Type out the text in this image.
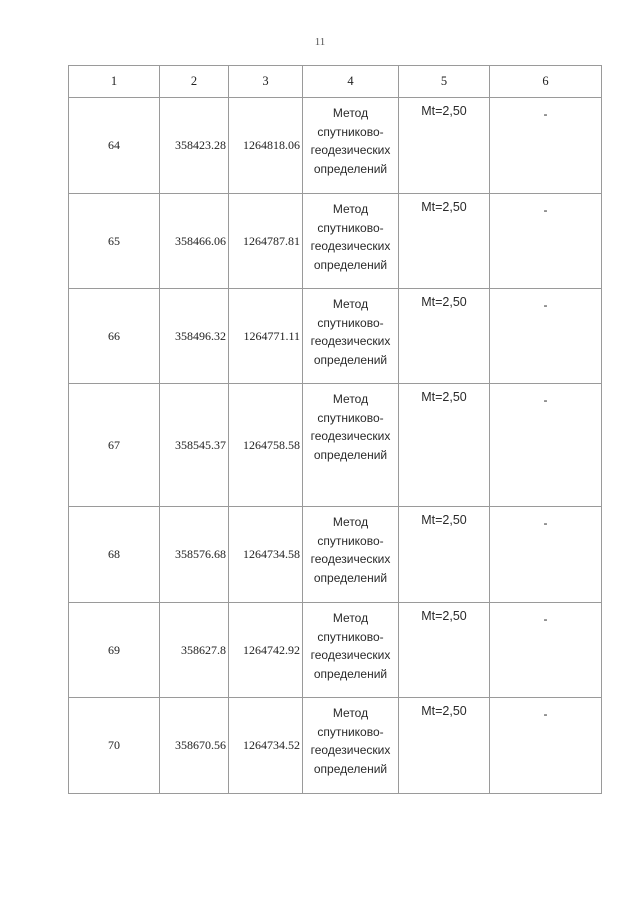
11
1	2	3	4	5	6
64	358423.28	1264818.06	Метод
спутниково-
геодезических
определений	Mt=2,50	-
65	358466.06	1264787.81	Метод
спутниково-
геодезических
определений	Mt=2,50	-
66	358496.32	1264771.11	Метод
спутниково-
геодезических
определений	Mt=2,50	-
67	358545.37	1264758.58	Метод
спутниково-
геодезических
определений	Mt=2,50	-
68	358576.68	1264734.58	Метод
спутниково-
геодезических
определений	Mt=2,50	-
69	358627.8	1264742.92	Метод
спутниково-
геодезических
определений	Mt=2,50	-
70	358670.56	1264734.52	Метод
спутниково-
геодезических
определений	Mt=2,50	-
